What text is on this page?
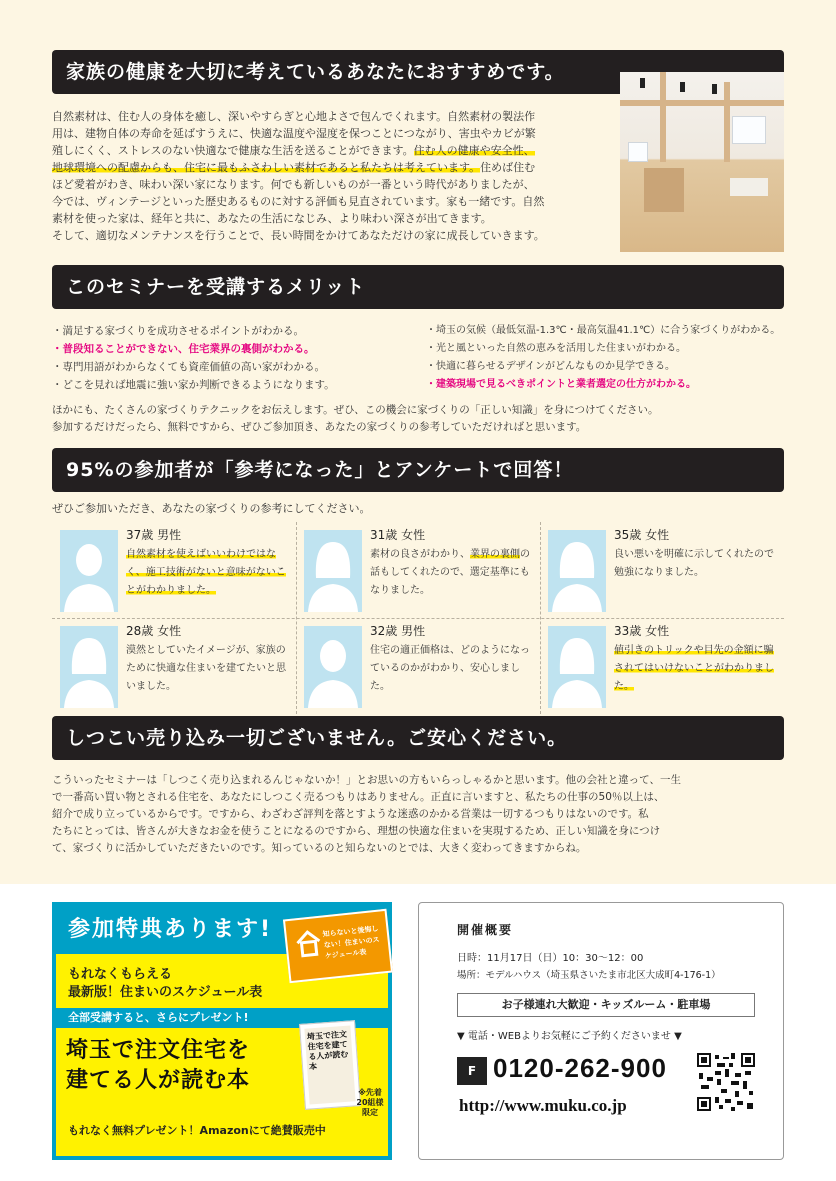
家族の健康を大切に考えているあなたにおすすめです。
自然素材は、住む人の身体を癒し、深いやすらぎと心地よさで包んでくれます。自然素材の製法作
用は、建物自体の寿命を延ばすうえに、快適な温度や湿度を保つことにつながり、害虫やカビが繁
殖しにくく、ストレスのない快適なで健康な生活を送ることができます。住む人の健康や安全性、
地球環境への配慮からも、住宅に最もふさわしい素材であると私たちは考えています。住めば住む
ほど愛着がわき、味わい深い家になります。何でも新しいものが一番という時代がありましたが、
今では、ヴィンテージといった歴史あるものに対する評価も見直されています。家も一緒です。自然
素材を使った家は、経年と共に、あなたの生活になじみ、より味わい深さが出てきます。
そして、適切なメンテナンスを行うことで、長い時間をかけてあなただけの家に成長していきます。
このセミナーを受講するメリット
・満足する家づくりを成功させるポイントがわかる。
・普段知ることができない、住宅業界の裏側がわかる。
・専門用語がわからなくても資産価値の高い家がわかる。
・どこを見れば地震に強い家か判断できるようになります。
・埼玉の気候（最低気温-1.3℃・最高気温41.1℃）に合う家づくりがわかる。
・光と風といった自然の恵みを活用した住まいがわかる。
・快適に暮らせるデザインがどんなものか見学できる。
・建築現場で見るべきポイントと業者選定の仕方がわかる。
ほかにも、たくさんの家づくりテクニックをお伝えします。ぜひ、この機会に家づくりの「正しい知識」を身につけてください。
参加するだけだったら、無料ですから、ぜひご参加頂き、あなたの家づくりの参考していただければと思います。
95%の参加者が「参考になった」とアンケートで回答！
ぜひご参加いただき、あなたの家づくりの参考にしてください。
37歳 男性
自然素材を使えばいいわけではなく、施工技術がないと意味がないことがわかりました。
31歳 女性
素材の良さがわかり、業界の裏側の話もしてくれたので、選定基準にもなりました。
35歳 女性
良い悪いを明確に示してくれたので勉強になりました。
28歳 女性
漠然としていたイメージが、家族のために快適な住まいを建てたいと思いました。
32歳 男性
住宅の適正価格は、どのようになっているのかがわかり、安心しました。
33歳 女性
値引きのトリックや目先の金額に騙されてはいけないことがわかりました。
しつこい売り込み一切ございません。ご安心ください。
こういったセミナーは「しつこく売り込まれるんじゃないか！」とお思いの方もいらっしゃるかと思います。他の会社と違って、一生
で一番高い買い物とされる住宅を、あなたにしつこく売るつもりはありません。正直に言いますと、私たちの仕事の50％以上は、
紹介で成り立っているからです。ですから、わざわざ評判を落とすような迷惑のかかる営業は一切するつもりはないのです。私
たちにとっては、皆さんが大きなお金を使うことになるのですから、理想の快適な住まいを実現するため、正しい知識を身につけ
て、家づくりに活かしていただきたいのです。知っているのと知らないのとでは、大きく変わってきますからね。
参加特典あります!	知らないと後悔しない！住まいのスケジュール表
もれなくもらえる
最新版！住まいのスケジュール表
全部受講すると、さらにプレゼント!
埼玉で注文住宅を
建てる人が読む本
埼玉で注文住宅を建てる人が読む本
※先着 20組様 限定
もれなく無料プレゼント！Amazonにて絶賛販売中
開催概要
日時：11月17日（日）10：30～12：00
場所：モデルハウス（埼玉県さいたま市北区大成町4-176-1）
お子様連れ大歓迎・キッズルーム・駐車場
▼ 電話・WEBよりお気軽にご予約くださいませ ▼
F 0120-262-900
http://www.muku.co.jp
